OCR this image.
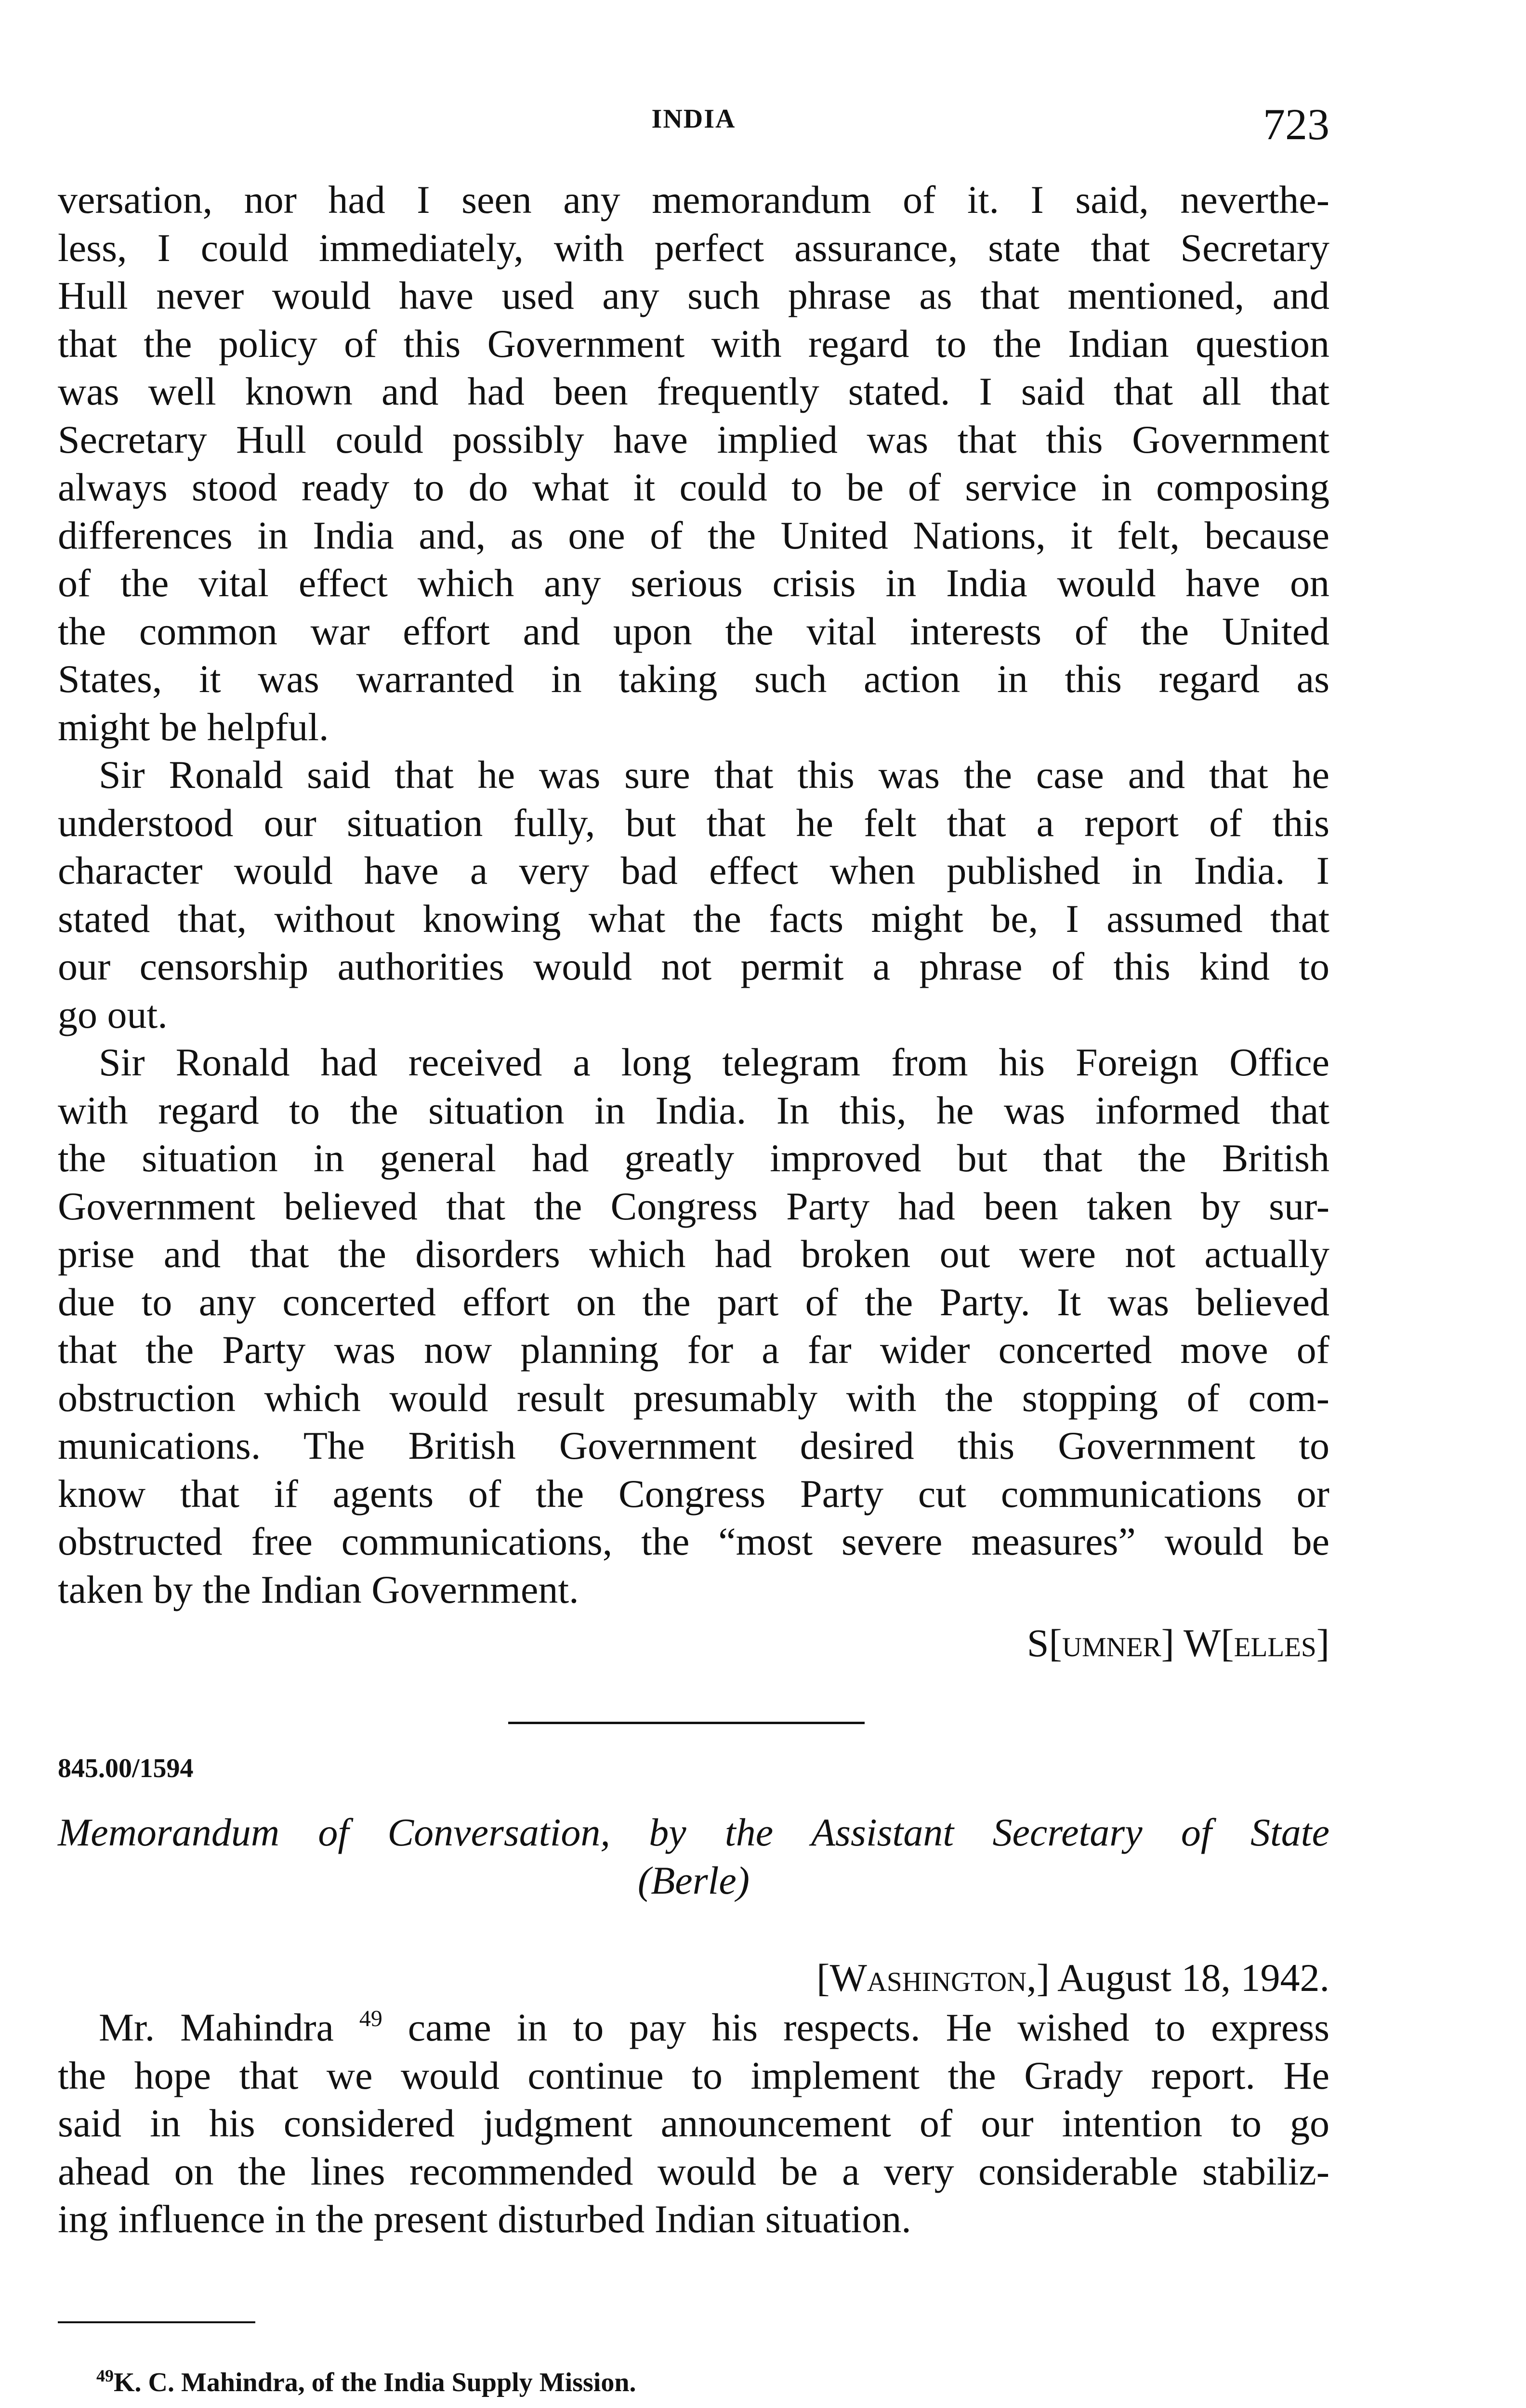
INDIA	723
versation, nor had I seen any memorandum of it. I said, neverthe-
less, I could immediately, with perfect assurance, state that Secretary
Hull never would have used any such phrase as that mentioned, and
that the policy of this Government with regard to the Indian question
was well known and had been frequently stated. I said that all that
Secretary Hull could possibly have implied was that this Government
always stood ready to do what it could to be of service in composing
differences in India and, as one of the United Nations, it felt, because
of the vital effect which any serious crisis in India would have on
the common war effort and upon the vital interests of the United
States, it was warranted in taking such action in this regard as
might be helpful.
Sir Ronald said that he was sure that this was the case and that he
understood our situation fully, but that he felt that a report of this
character would have a very bad effect when published in India. I
stated that, without knowing what the facts might be, I assumed that
our censorship authorities would not permit a phrase of this kind to
go out.
Sir Ronald had received a long telegram from his Foreign Office
with regard to the situation in India. In this, he was informed that
the situation in general had greatly improved but that the British
Government believed that the Congress Party had been taken by sur-
prise and that the disorders which had broken out were not actually
due to any concerted effort on the part of the Party. It was believed
that the Party was now planning for a far wider concerted move of
obstruction which would result presumably with the stopping of com-
munications. The British Government desired this Government to
know that if agents of the Congress Party cut communications or
obstructed free communications, the “most severe measures” would be
taken by the Indian Government.
S[umner] W[elles]
845.00/1594
Memorandum of Conversation, by the Assistant Secretary of State
(Berle)
[Washington,] August 18, 1942.
Mr. Mahindra $^{49}$ came in to pay his respects. He wished to express
the hope that we would continue to implement the Grady report. He
said in his considered judgment announcement of our intention to go
ahead on the lines recommended would be a very considerable stabiliz-
ing influence in the present disturbed Indian situation.
$^{49}$K. C. Mahindra, of the India Supply Mission.
